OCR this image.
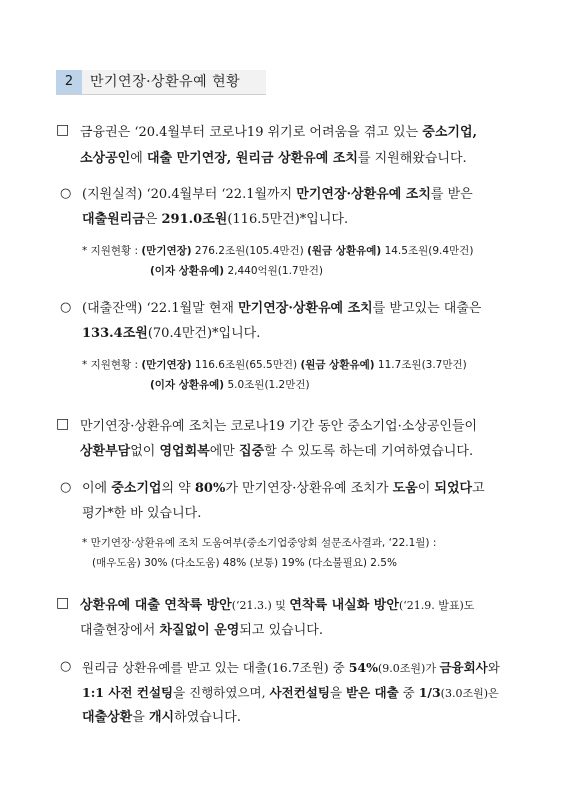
2	만기연장·상환유예 현황
□ 금융권은 ‘20.4월부터 코로나19 위기로 어려움을 겪고 있는 중소기업,
소상공인에 대출 만기연장, 원리금 상환유예 조치를 지원해왔습니다.
○ (지원실적) ‘20.4월부터 ‘22.1월까지 만기연장·상환유예 조치를 받은
대출원리금은 291.0조원(116.5만건)*입니다.
* 지원현황 : (만기연장) 276.2조원(105.4만건) (원금 상환유예) 14.5조원(9.4만건)
(이자 상환유예) 2,440억원(1.7만건)
○ (대출잔액) ‘22.1월말 현재 만기연장·상환유예 조치를 받고있는 대출은
133.4조원(70.4만건)*입니다.
* 지원현황 : (만기연장) 116.6조원(65.5만건) (원금 상환유예) 11.7조원(3.7만건)
(이자 상환유예) 5.0조원(1.2만건)
□ 만기연장·상환유예 조치는 코로나19 기간 동안 중소기업·소상공인들이
상환부담없이 영업회복에만 집중할 수 있도록 하는데 기여하였습니다.
○ 이에 중소기업의 약 80%가 만기연장·상환유예 조치가 도움이 되었다고
평가*한 바 있습니다.
* 만기연장·상환유예 조치 도움여부(중소기업중앙회 설문조사결과, ‘22.1월) :
(매우도움) 30% (다소도움) 48% (보통) 19% (다소불필요) 2.5%
□ 상환유예 대출 연착륙 방안(‘21.3.) 및 연착륙 내실화 방안(‘21.9. 발표)도
대출현장에서 차질없이 운영되고 있습니다.
○ 원리금 상환유예를 받고 있는 대출(16.7조원) 중 54%(9.0조원)가 금융회사와
1:1 사전 컨설팅을 진행하였으며, 사전컨설팅을 받은 대출 중 1/3(3.0조원)은
대출상환을 개시하였습니다.
